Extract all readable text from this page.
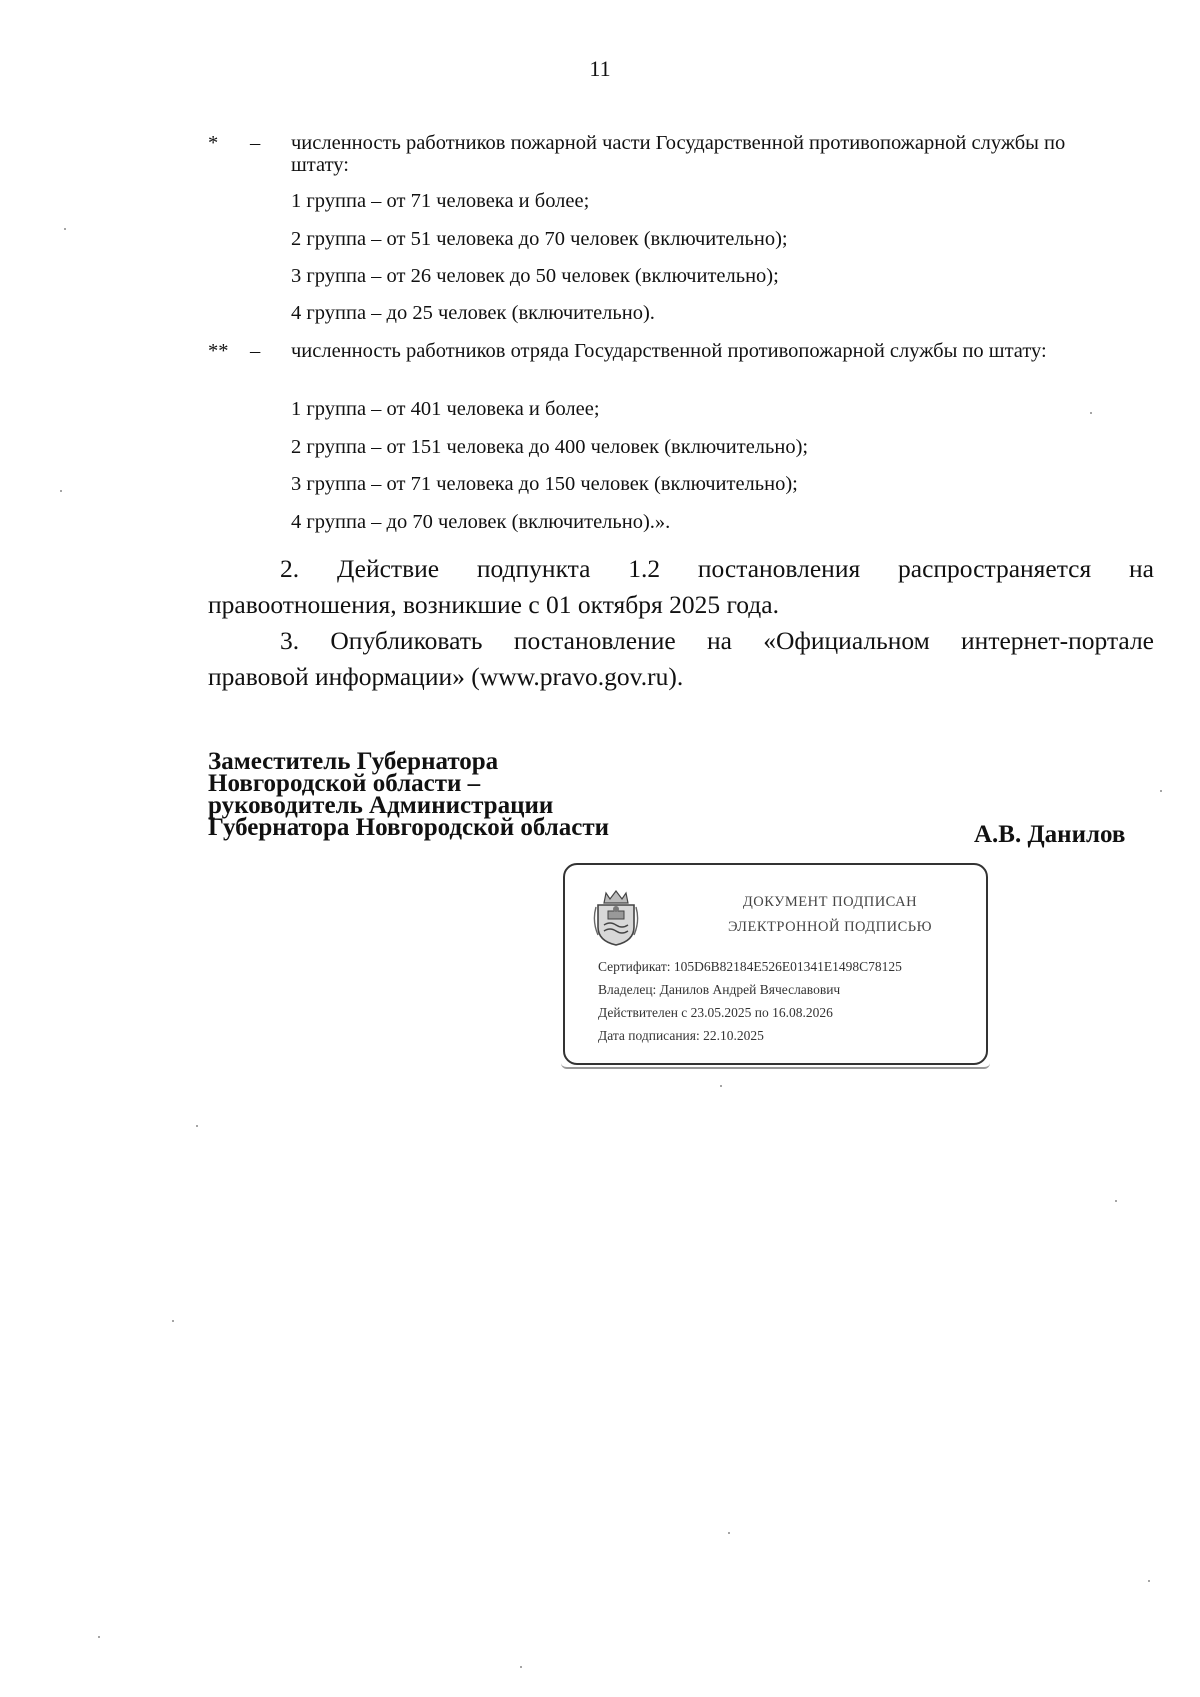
11
* – численность работников пожарной части Государственной противопожарной службы по штату:
1 группа – от 71 человека и более;
2 группа – от 51 человека до 70 человек (включительно);
3 группа – от 26 человек до 50 человек (включительно);
4 группа – до 25 человек (включительно).
** – численность работников отряда Государственной противопожарной службы по штату:
1 группа – от 401 человека и более;
2 группа – от 151 человека до 400 человек (включительно);
3 группа – от 71 человека до 150 человек (включительно);
4 группа – до 70 человек (включительно).».
2. Действие подпункта 1.2 постановления распространяется на
правоотношения, возникшие с 01 октября 2025 года.
3. Опубликовать постановление на «Официальном интернет-портале
правовой информации» (www.pravo.gov.ru).
Заместитель Губернатора
Новгородской области –
руководитель Администрации
Губернатора Новгородской области	А.В. Данилов
ДОКУМЕНТ ПОДПИСАН
ЭЛЕКТРОННОЙ ПОДПИСЬЮ
Сертификат: 105D6B82184E526E01341E1498C78125
Владелец: Данилов Андрей Вячеславович
Действителен с 23.05.2025 по 16.08.2026
Дата подписания: 22.10.2025
